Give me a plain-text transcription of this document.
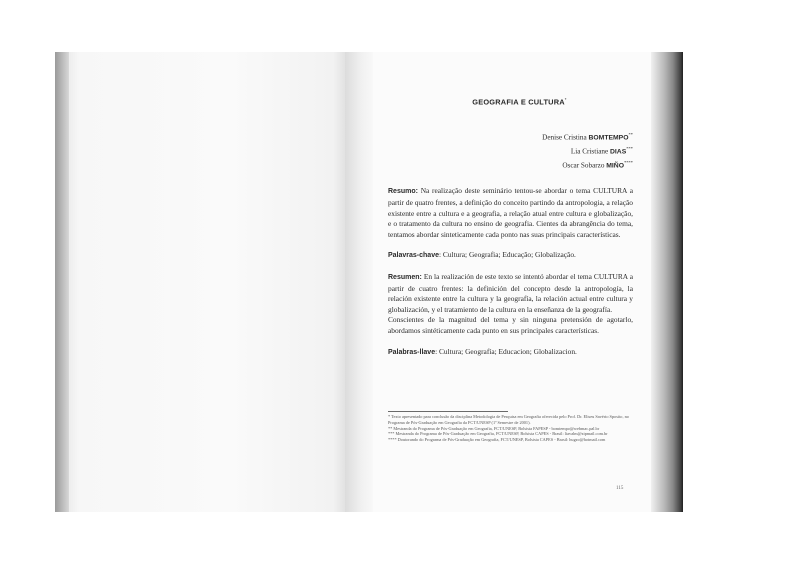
GEOGRAFIA E CULTURA*
Denise Cristina BOMTEMPO**
Lia Cristiane DIAS***
Oscar Sobarzo MIÑO****
Resumo: Na realização deste seminário tentou-se abordar o tema CULTURA a partir de quatro frentes, a definição do conceito partindo da antropologia, a relação existente entre a cultura e a geografia, a relação atual entre cultura e globalização, e o tratamento da cultura no ensino de geografia. Cientes da abrangência do tema, tentamos abordar sinteticamente cada ponto nas suas principais características.
Palavras-chave: Cultura; Geografia; Educação; Globalização.
Resumen: En la realización de este texto se intentó abordar el tema CULTURA a partir de cuatro frentes: la definición del concepto desde la antropología, la relación existente entre la cultura y la geografía, la relación actual entre cultura y globalización, y el tratamiento de la cultura en la enseñanza de la geografía.
Conscientes de la magnitud del tema y sin ninguna pretensión de agotarlo, abordamos sintéticamente cada punto en sus principales características.
Palabras-llave: Cultura; Geografía; Educacion; Globalizacion.
* Texto apresentado para conclusão da disciplina Metodologia de Pesquisa em Geografia oferecida pelo Prof. Dr. Eliseu Savério Sposito, no Programa de Pós-Graduação em Geografia da FCT/UNESP (1º Semestre de 2001).
** Mestranda do Programa de Pós-Graduação em Geografia, FCT/UNESP, Bolsista FAPESP - bomtempo@webmac.pal.br
*** Mestranda do Programa de Pós-Graduação em Geografia, FCT/UNESP, Bolsista CAPES - Brasil: liavalm@zipmail.com.br
**** Doutorando do Programa de Pós-Graduação em Geografia, FCT/UNESP, Bolsista CAPES - Brasil: hugzo@hotmail.com
115
